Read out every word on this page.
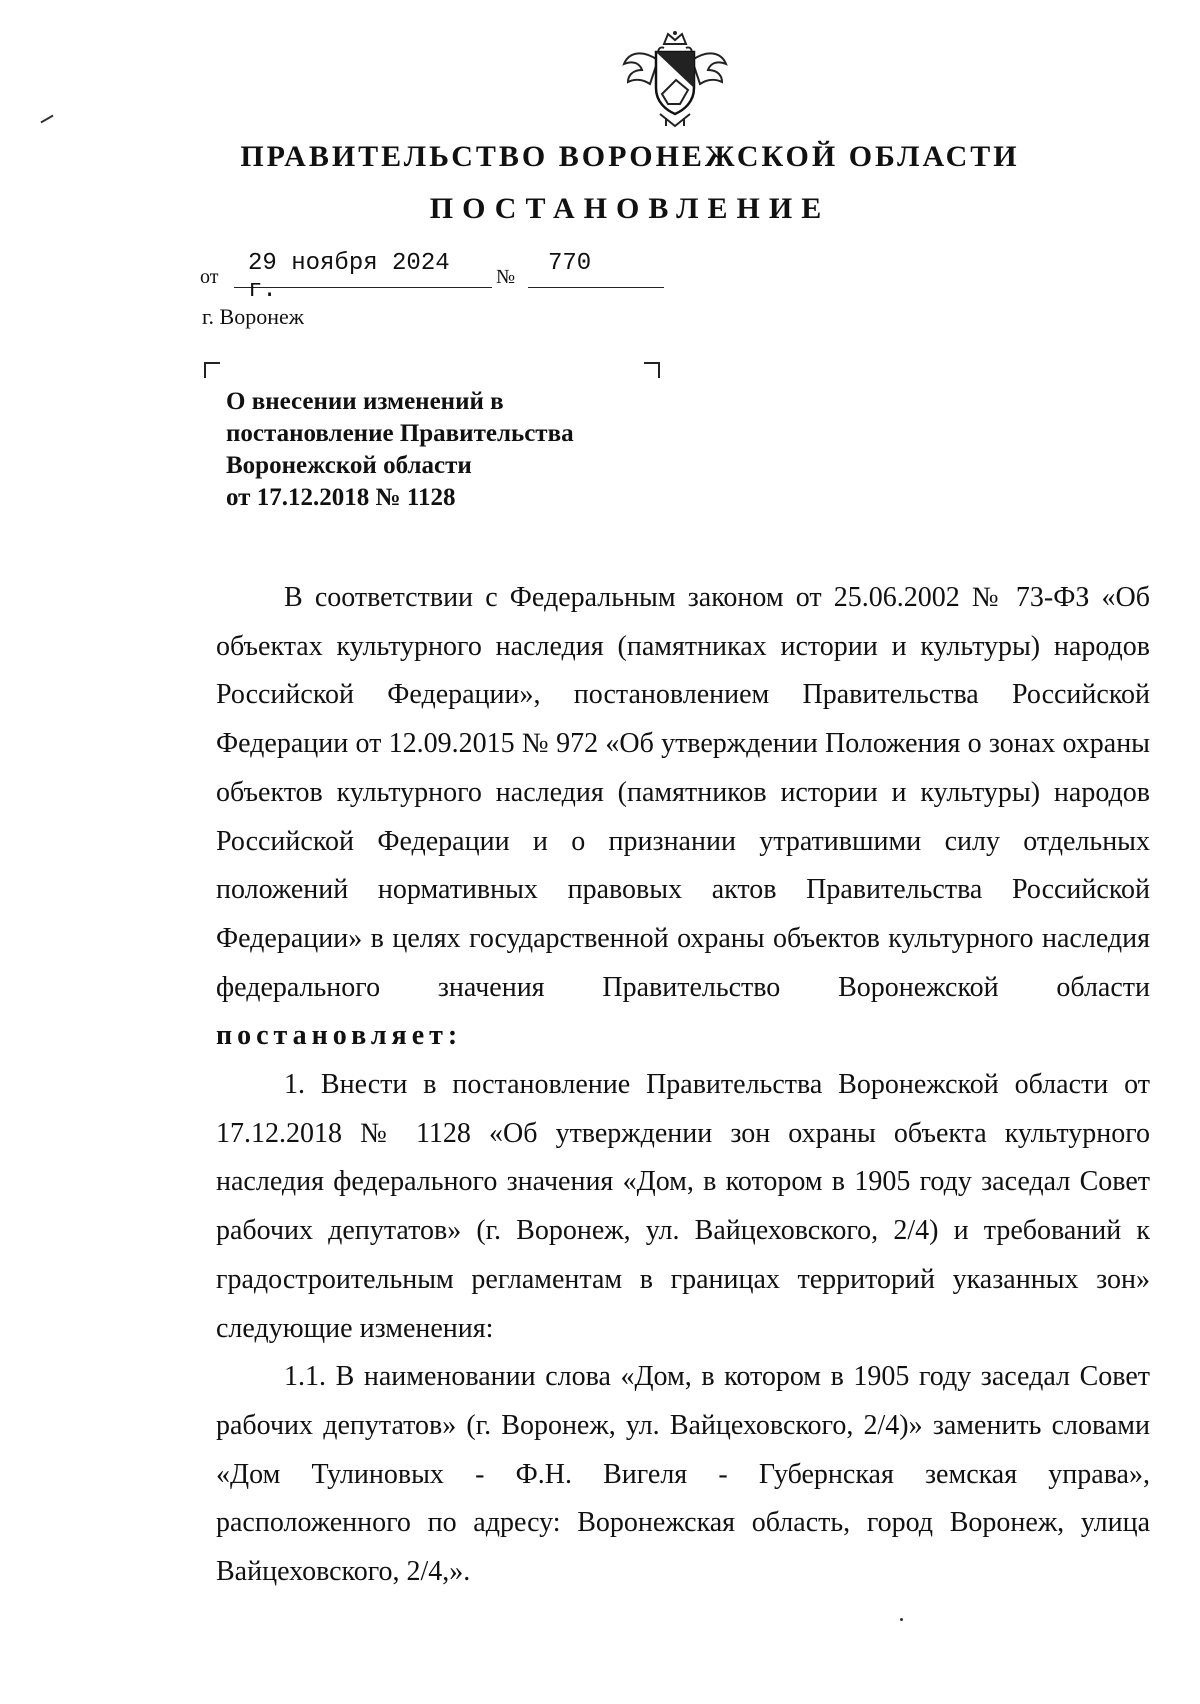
ПРАВИТЕЛЬСТВО ВОРОНЕЖСКОЙ ОБЛАСТИ
ПОСТАНОВЛЕНИЕ
от	29 ноября 2024 г.	№	770
г. Воронеж
О внесении изменений в
постановление Правительства
Воронежской области
от 17.12.2018 № 1128

В соответствии с Федеральным законом от 25.06.2002 № 73-ФЗ «Об объектах культурного наследия (памятниках истории и культуры) народов Российской Федерации», постановлением Правительства Российской Федерации от 12.09.2015 № 972 «Об утверждении Положения о зонах охраны объектов культурного наследия (памятников истории и культуры) народов Российской Федерации и о признании утратившими силу отдельных положений нормативных правовых актов Правительства Российской Федерации» в целях государственной охраны объектов культурного наследия федерального значения Правительство Воронежской области постановляет:

1. Внести в постановление Правительства Воронежской области от 17.12.2018 № 1128 «Об утверждении зон охраны объекта культурного наследия федерального значения «Дом, в котором в 1905 году заседал Совет рабочих депутатов» (г. Воронеж, ул. Вайцеховского, 2/4) и требований к градостроительным регламентам в границах территорий указанных зон» следующие изменения:

1.1. В наименовании слова «Дом, в котором в 1905 году заседал Совет рабочих депутатов» (г. Воронеж, ул. Вайцеховского, 2/4)» заменить словами «Дом Тулиновых - Ф.Н. Вигеля - Губернская земская управа», расположенного по адресу: Воронежская область, город Воронеж, улица Вайцеховского, 2/4,».
